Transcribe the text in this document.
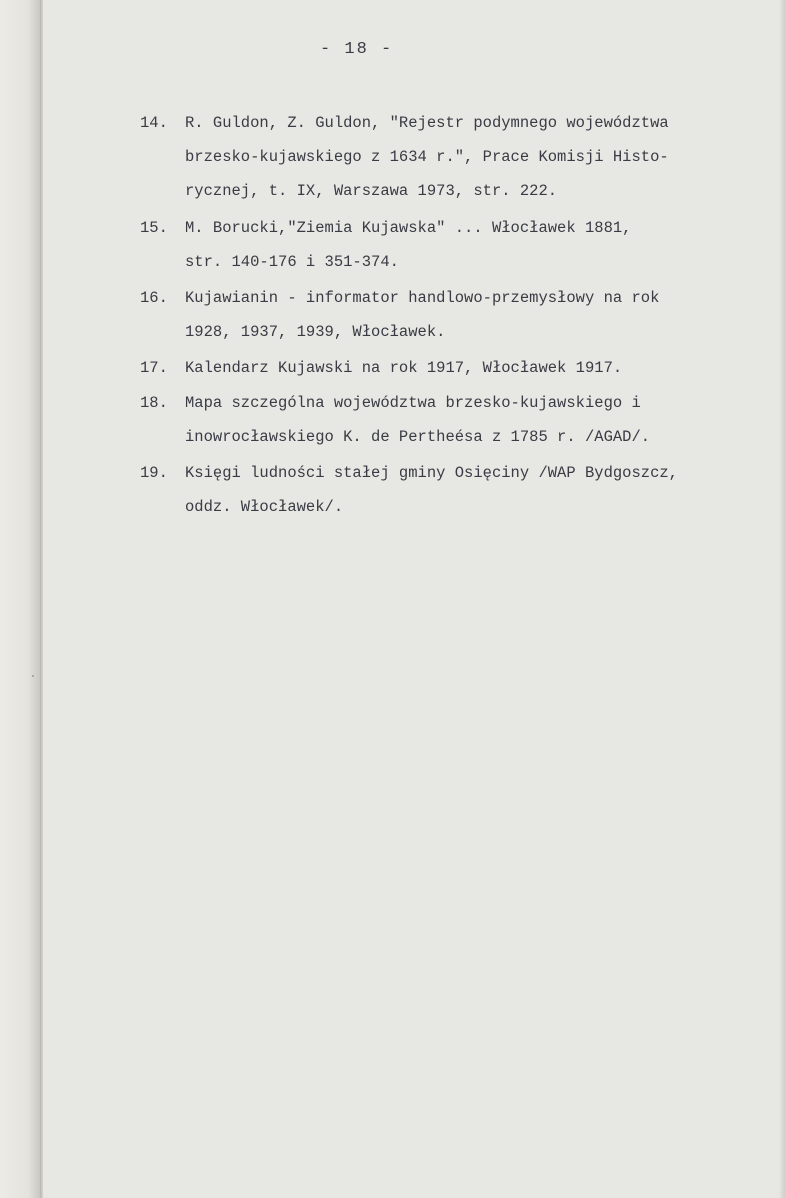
- 18 -
14.	R. Guldon, Z. Guldon, "Rejestr podymnego województwa
brzesko-kujawskiego z 1634 r.", Prace Komisji Histo-
rycznej, t. IX, Warszawa 1973, str. 222.
15.	M. Borucki,"Ziemia Kujawska" ... Włocławek 1881,
str. 140-176 i 351-374.
16.	Kujawianin - informator handlowo-przemysłowy na rok
1928, 1937, 1939, Włocławek.
17.	Kalendarz Kujawski na rok 1917, Włocławek 1917.
18.	Mapa szczególna województwa brzesko-kujawskiego i
inowrocławskiego K. de Pertheésa z 1785 r. /AGAD/.
19.	Księgi ludności stałej gminy Osięciny /WAP Bydgoszcz,
oddz. Włocławek/.
